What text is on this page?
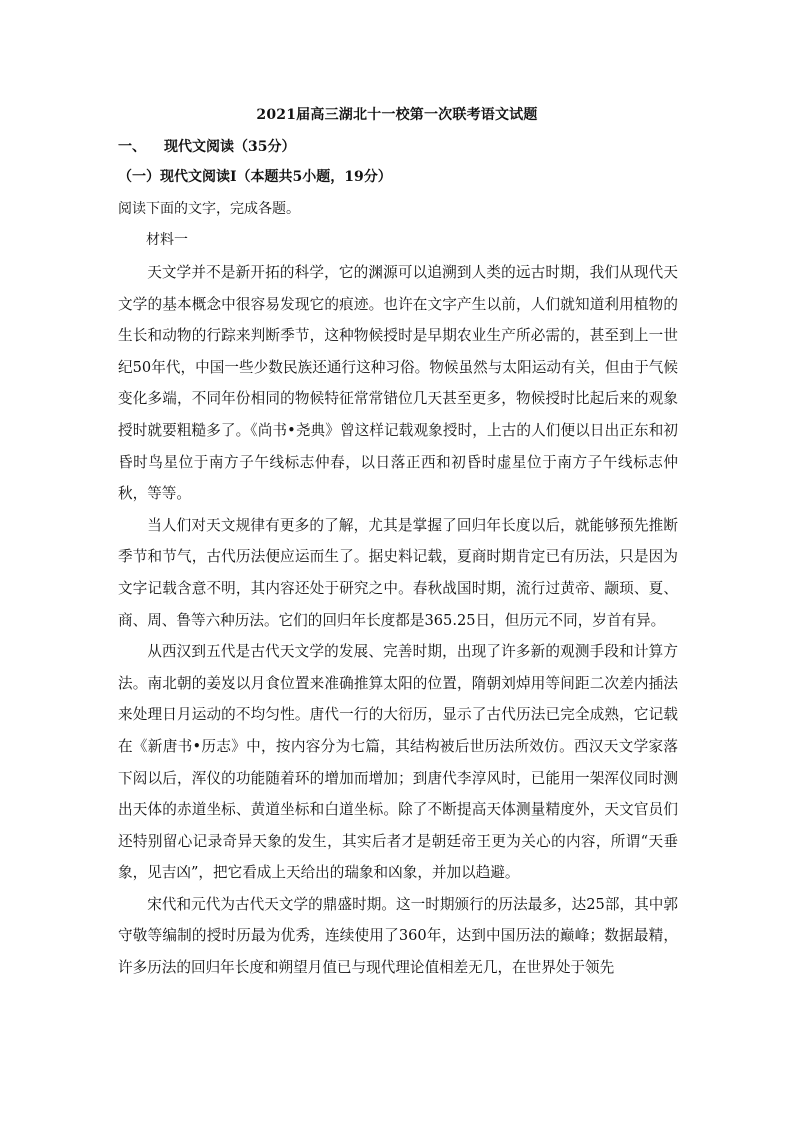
2021届高三湖北十一校第一次联考语文试题
一、 现代文阅读（35分）
（一）现代文阅读Ⅰ（本题共5小题，19分）
阅读下面的文字，完成各题。
材料一

天文学并不是新开拓的科学，它的渊源可以追溯到人类的远古时期，我们从现代天文学的基本概念中很容易发现它的痕迹。也许在文字产生以前，人们就知道利用植物的生长和动物的行踪来判断季节，这种物候授时是早期农业生产所必需的，甚至到上一世纪50年代，中国一些少数民族还通行这种习俗。物候虽然与太阳运动有关，但由于气候变化多端，不同年份相同的物候特征常常错位几天甚至更多，物候授时比起后来的观象授时就要粗糙多了。《尚书•尧典》曾这样记载观象授时，上古的人们便以日出正东和初昏时鸟星位于南方子午线标志仲春，以日落正西和初昏时虚星位于南方子午线标志仲秋，等等。

当人们对天文规律有更多的了解，尤其是掌握了回归年长度以后，就能够预先推断季节和节气，古代历法便应运而生了。据史料记载，夏商时期肯定已有历法，只是因为文字记载含意不明，其内容还处于研究之中。春秋战国时期，流行过黄帝、颛顼、夏、商、周、鲁等六种历法。它们的回归年长度都是365.25日，但历元不同，岁首有异。

从西汉到五代是古代天文学的发展、完善时期，出现了许多新的观测手段和计算方法。南北朝的姜岌以月食位置来准确推算太阳的位置，隋朝刘焯用等间距二次差内插法来处理日月运动的不均匀性。唐代一行的大衍历，显示了古代历法已完全成熟，它记载在《新唐书•历志》中，按内容分为七篇，其结构被后世历法所效仿。西汉天文学家落下闳以后，浑仪的功能随着环的增加而增加；到唐代李淳风时，已能用一架浑仪同时测出天体的赤道坐标、黄道坐标和白道坐标。除了不断提高天体测量精度外，天文官员们还特别留心记录奇异天象的发生，其实后者才是朝廷帝王更为关心的内容，所谓“天垂象，见吉凶”，把它看成上天给出的瑞象和凶象，并加以趋避。

宋代和元代为古代天文学的鼎盛时期。这一时期颁行的历法最多，达25部，其中郭守敬等编制的授时历最为优秀，连续使用了360年，达到中国历法的巅峰；数据最精，许多历法的回归年长度和朔望月值已与现代理论值相差无几，在世界处于领先
